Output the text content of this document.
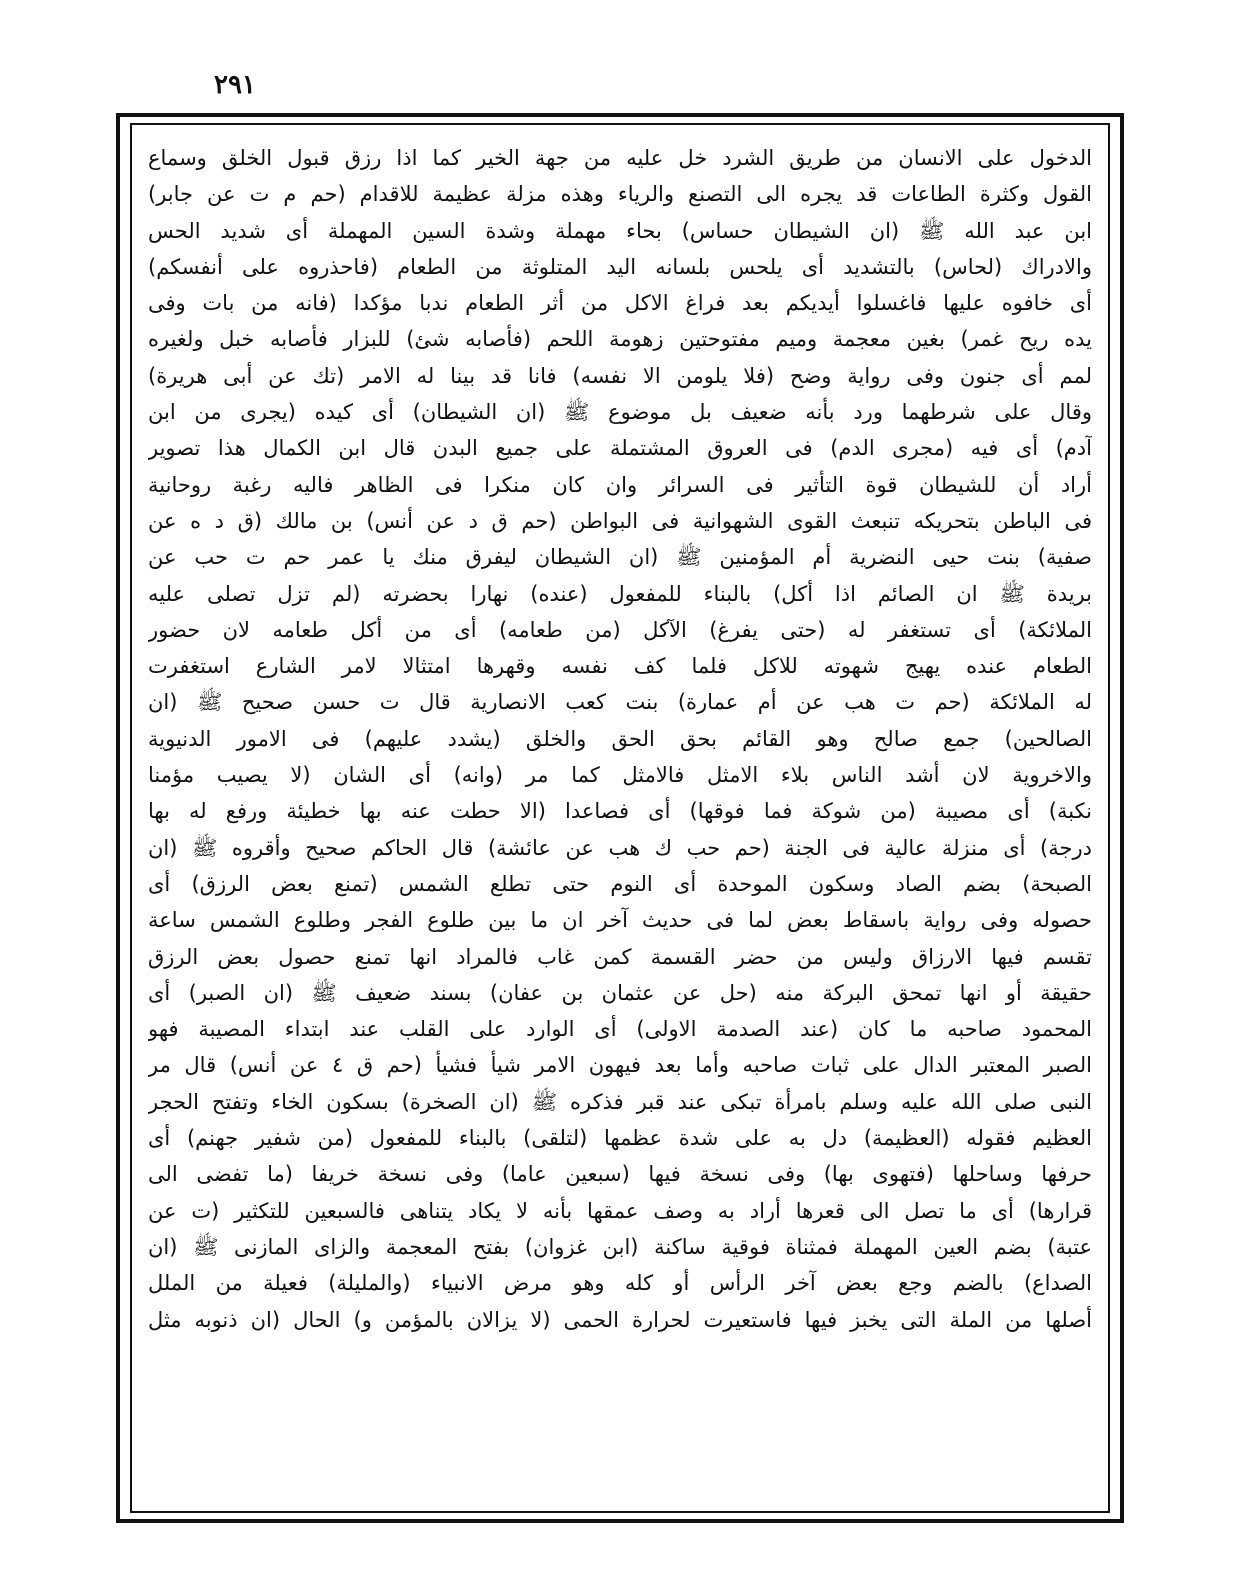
٢٩١
الدخول على الانسان من طريق الشرد خل عليه من جهة الخير كما اذا رزق قبول الخلق وسماع
القول وكثرة الطاعات قد يجره الى التصنع والرياء وهذه مزلة عظيمة للاقدام (حم م ت عن جابر)
ابن عبد الله ﷺ (ان الشيطان حساس) بحاء مهملة وشدة السين المهملة أى شديد الحس
والادراك (لحاس) بالتشديد أى يلحس بلسانه اليد المتلوثة من الطعام (فاحذروه على أنفسكم)
أى خافوه عليها فاغسلوا أيديكم بعد فراغ الاكل من أثر الطعام ندبا مؤكدا (فانه من بات وفى
يده ريح غمر) بغين معجمة وميم مفتوحتين زهومة اللحم (فأصابه شئ) للبزار فأصابه خبل ولغيره
لمم أى جنون وفى رواية وضح (فلا يلومن الا نفسه) فانا قد بينا له الامر (تك عن أبى هريرة)
وقال على شرطهما ورد بأنه ضعيف بل موضوع ﷺ (ان الشيطان) أى كيده (يجرى من ابن
آدم) أى فيه (مجرى الدم) فى العروق المشتملة على جميع البدن قال ابن الكمال هذا تصوير
أراد أن للشيطان قوة التأثير فى السرائر وان كان منكرا فى الظاهر فاليه رغبة روحانية
فى الباطن بتحريكه تنبعث القوى الشهوانية فى البواطن (حم ق د عن أنس) بن مالك (ق د ه عن
صفية) بنت حيى النضرية أم المؤمنين ﷺ (ان الشيطان ليفرق منك يا عمر حم ت حب عن
بريدة ﷺ ان الصائم اذا أكل) بالبناء للمفعول (عنده) نهارا بحضرته (لم تزل تصلى عليه
الملائكة) أى تستغفر له (حتى يفرغ) الآكل (من طعامه) أى من أكل طعامه لان حضور
الطعام عنده يهيج شهوته للاكل فلما كف نفسه وقهرها امتثالا لامر الشارع استغفرت
له الملائكة (حم ت هب عن أم عمارة) بنت كعب الانصارية قال ت حسن صحيح ﷺ (ان
الصالحين) جمع صالح وهو القائم بحق الحق والخلق (يشدد عليهم) فى الامور الدنيوية
والاخروية لان أشد الناس بلاء الامثل فالامثل كما مر (وانه) أى الشان (لا يصيب مؤمنا
نكبة) أى مصيبة (من شوكة فما فوقها) أى فصاعدا (الا حطت عنه بها خطيئة ورفع له بها
درجة) أى منزلة عالية فى الجنة (حم حب ك هب عن عائشة) قال الحاكم صحيح وأقروه ﷺ (ان
الصبحة) بضم الصاد وسكون الموحدة أى النوم حتى تطلع الشمس (تمنع بعض الرزق) أى
حصوله وفى رواية باسقاط بعض لما فى حديث آخر ان ما بين طلوع الفجر وطلوع الشمس ساعة
تقسم فيها الارزاق وليس من حضر القسمة كمن غاب فالمراد انها تمنع حصول بعض الرزق
حقيقة أو انها تمحق البركة منه (حل عن عثمان بن عفان) بسند ضعيف ﷺ (ان الصبر) أى
المحمود صاحبه ما كان (عند الصدمة الاولى) أى الوارد على القلب عند ابتداء المصيبة فهو
الصبر المعتبر الدال على ثبات صاحبه وأما بعد فيهون الامر شيأ فشيأ (حم ق ٤ عن أنس) قال مر
النبى صلى الله عليه وسلم بامرأة تبكى عند قبر فذكره ﷺ (ان الصخرة) بسكون الخاء وتفتح الحجر
العظيم فقوله (العظيمة) دل به على شدة عظمها (لتلقى) بالبناء للمفعول (من شفير جهنم) أى
حرفها وساحلها (فتهوى بها) وفى نسخة فيها (سبعين عاما) وفى نسخة خريفا (ما تفضى الى
قرارها) أى ما تصل الى قعرها أراد به وصف عمقها بأنه لا يكاد يتناهى فالسبعين للتكثير (ت عن
عتبة) بضم العين المهملة فمثناة فوقية ساكنة (ابن غزوان) بفتح المعجمة والزاى المازنى ﷺ (ان
الصداع) بالضم وجع بعض آخر الرأس أو كله وهو مرض الانبياء (والمليلة) فعيلة من الملل
أصلها من الملة التى يخبز فيها فاستعيرت لحرارة الحمى (لا يزالان بالمؤمن و) الحال (ان ذنوبه مثل
